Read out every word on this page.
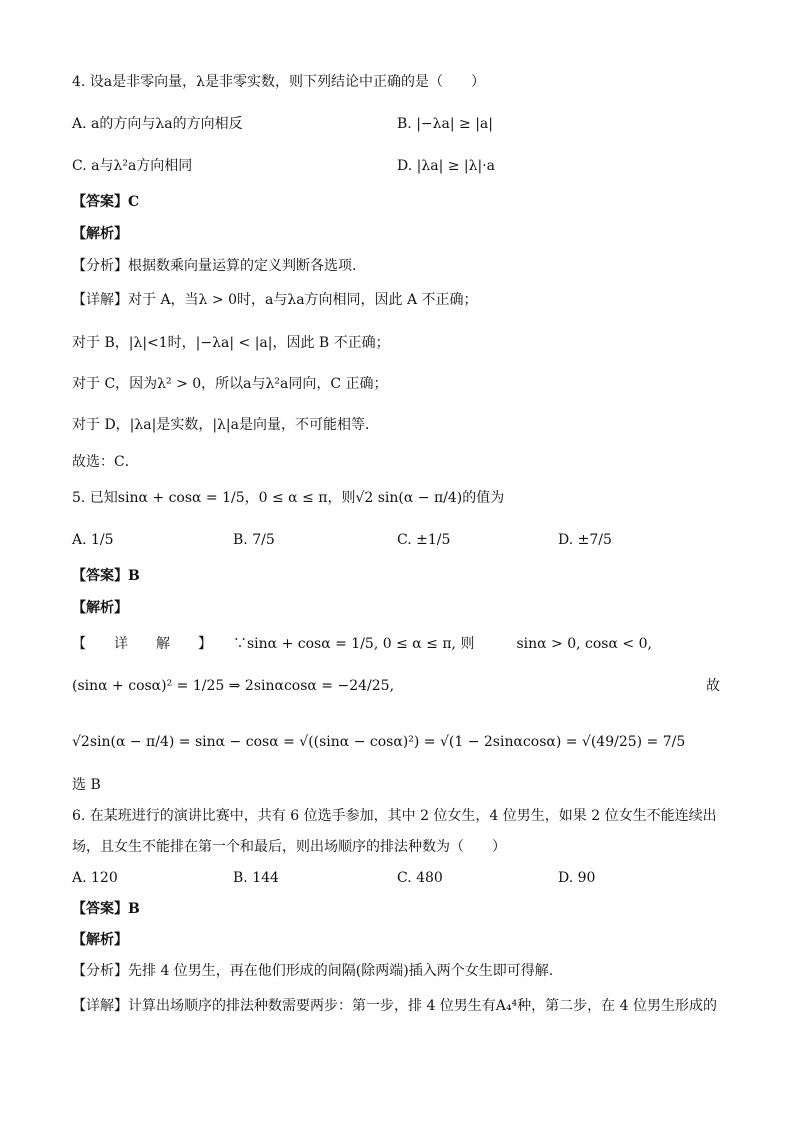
4. 设a是非零向量，λ是非零实数，则下列结论中正确的是（　　）
A. a的方向与λa的方向相反	B. |−λa| ≥ |a|
C. a与λ²a方向相同	D. |λa| ≥ |λ|·a
【答案】C
【解析】
【分析】根据数乘向量运算的定义判断各选项.
【详解】对于 A，当λ > 0时，a与λa方向相同，因此 A 不正确；
对于 B，|λ|<1时，|−λa| < |a|，因此 B 不正确；
对于 C，因为λ² > 0，所以a与λ²a同向，C 正确；
对于 D，|λa|是实数，|λ|a是向量，不可能相等．
故选：C．
5. 已知sinα + cosα = 1/5，0 ≤ α ≤ π，则√2 sin(α − π/4)的值为
A. 1/5	B. 7/5	C. ±1/5	D. ±7/5
【答案】B
【解析】
【　　详　　解　　】　　∵sinα + cosα = 1/5, 0 ≤ α ≤ π, 则　　　sinα > 0, cosα < 0,
(sinα + cosα)² = 1/25 ⇒ 2sinαcosα = −24/25,	故
√2sin(α − π/4) = sinα − cosα = √((sinα − cosα)²) = √(1 − 2sinαcosα) = √(49/25) = 7/5
选 B
6. 在某班进行的演讲比赛中，共有 6 位选手参加，其中 2 位女生，4 位男生，如果 2 位女生不能连续出
场，且女生不能排在第一个和最后，则出场顺序的排法种数为（　　）
A. 120	B. 144	C. 480	D. 90
【答案】B
【解析】
【分析】先排 4 位男生，再在他们形成的间隔(除两端)插入两个女生即可得解.
【详解】计算出场顺序的排法种数需要两步：第一步，排 4 位男生有A₄⁴种，第二步，在 4 位男生形成的
